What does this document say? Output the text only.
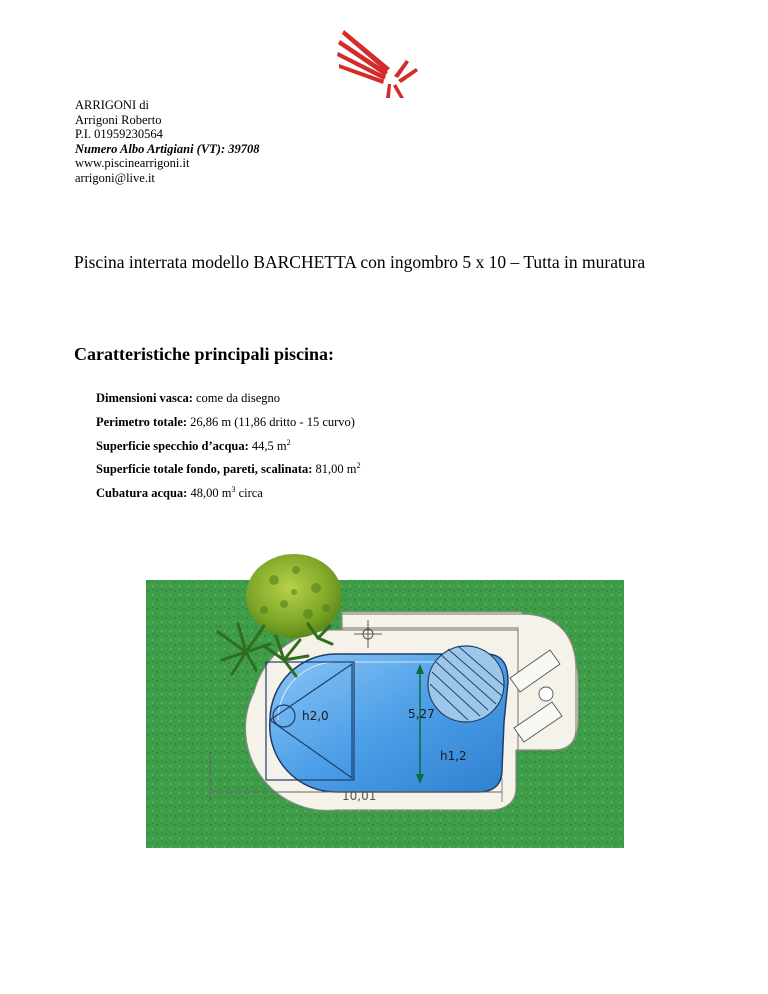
ARRIGONI di
Arrigoni Roberto
P.I. 01959230564
Numero Albo Artigiani (VT): 39708
www.piscinearrigoni.it
arrigoni@live.it
Piscina interrata modello BARCHETTA con ingombro 5 x 10 – Tutta in muratura
Caratteristiche principali piscina:
Dimensioni vasca: come da disegno
Perimetro totale: 26,86 m (11,86 dritto - 15 curvo)
Superficie specchio d’acqua: 44,5 $m^2$
Superficie totale fondo, pareti, scalinata: 81,00 $m^2$
Cubatura acqua: 48,00 $m^3$ circa
h2,0	5,27
h1,2
10,01
